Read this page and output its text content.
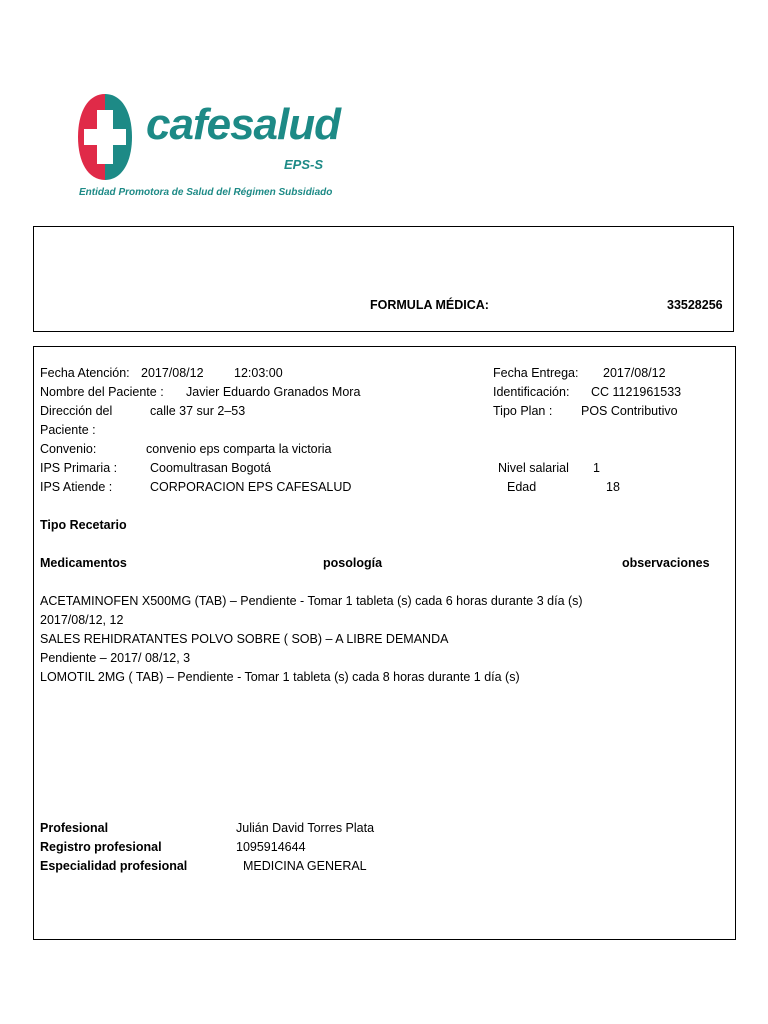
cafesalud
EPS-S
Entidad Promotora de Salud del Régimen Subsidiado
FORMULA MÉDICA:	33528256
Fecha Atención: 2017/08/12 12:03:00	Fecha Entrega: 2017/08/12
Nombre del Paciente : Javier Eduardo Granados Mora	Identificación: CC 1121961533
Dirección del	calle 37 sur 2–53	Tipo Plan : POS Contributivo
Paciente :
Convenio:	convenio eps comparta la victoria
IPS Primaria :	Coomultrasan Bogotá	Nivel salarial 1
IPS Atiende :	CORPORACION EPS CAFESALUD	Edad	18
Tipo Recetario
Medicamentos	posología	observaciones
ACETAMINOFEN X500MG (TAB) – Pendiente - Tomar 1 tableta (s) cada 6 horas durante 3 día (s)
2017/08/12, 12
SALES REHIDRATANTES POLVO SOBRE ( SOB) – A LIBRE DEMANDA
Pendiente – 2017/ 08/12, 3
LOMOTIL 2MG ( TAB) – Pendiente - Tomar 1 tableta (s) cada 8 horas durante 1 día (s)
Profesional	Julián David Torres Plata
Registro profesional	1095914644
Especialidad profesional	MEDICINA GENERAL
